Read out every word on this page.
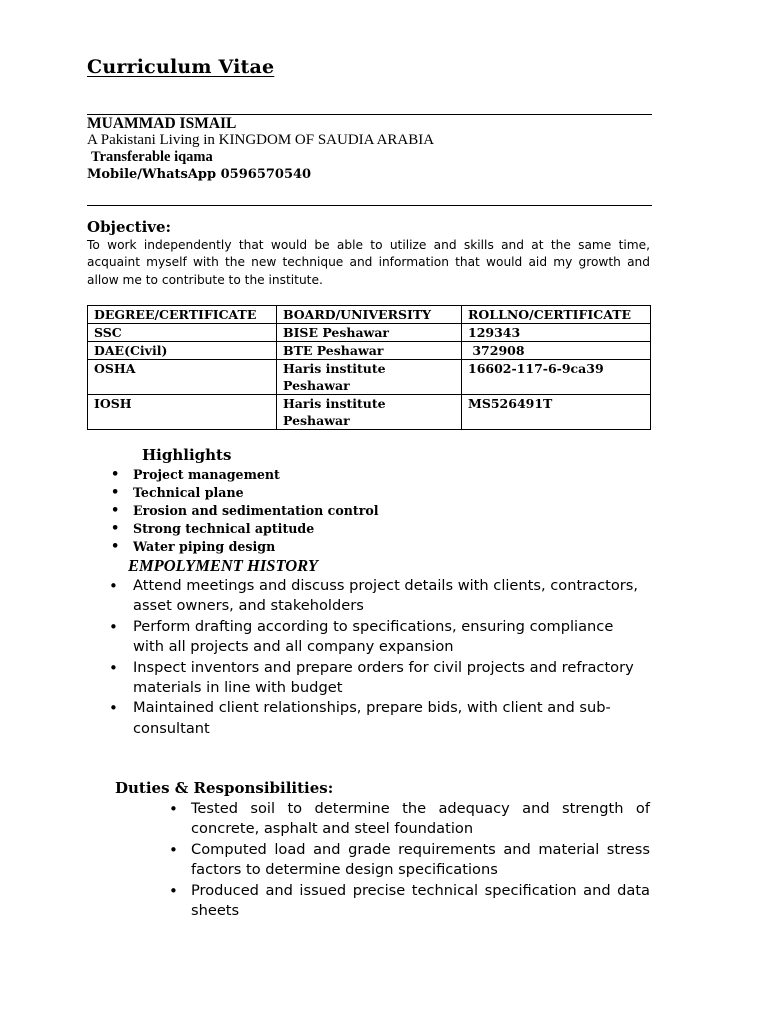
Curriculum Vitae
MUAMMAD ISMAIL
A Pakistani Living in KINGDOM OF SAUDIA ARABIA
Transferable iqama
Mobile/WhatsApp 0596570540
Objective:
To work independently that would be able to utilize and skills and at the same time, acquaint myself with the new technique and information that would aid my growth and allow me to contribute to the institute.
DEGREE/CERTIFICATE	BOARD/UNIVERSITY	ROLLNO/CERTIFICATE
SSC	BISE Peshawar	129343
DAE(Civil)	BTE Peshawar	372908
OSHA	Haris institute Peshawar	16602-117-6-9ca39
IOSH	Haris institute Peshawar	MS526491T
Highlights
• Project management
• Technical plane
• Erosion and sedimentation control
• Strong technical aptitude
• Water piping design
EMPOLYMENT HISTORY
• Attend meetings and discuss project details with clients, contractors, asset owners, and stakeholders
• Perform drafting according to specifications, ensuring compliance with all projects and all company expansion
• Inspect inventors and prepare orders for civil projects and refractory materials in line with budget
• Maintained client relationships, prepare bids, with client and sub-consultant
Duties & Responsibilities:
• Tested soil to determine the adequacy and strength of concrete, asphalt and steel foundation
• Computed load and grade requirements and material stress factors to determine design specifications
• Produced and issued precise technical specification and data sheets
